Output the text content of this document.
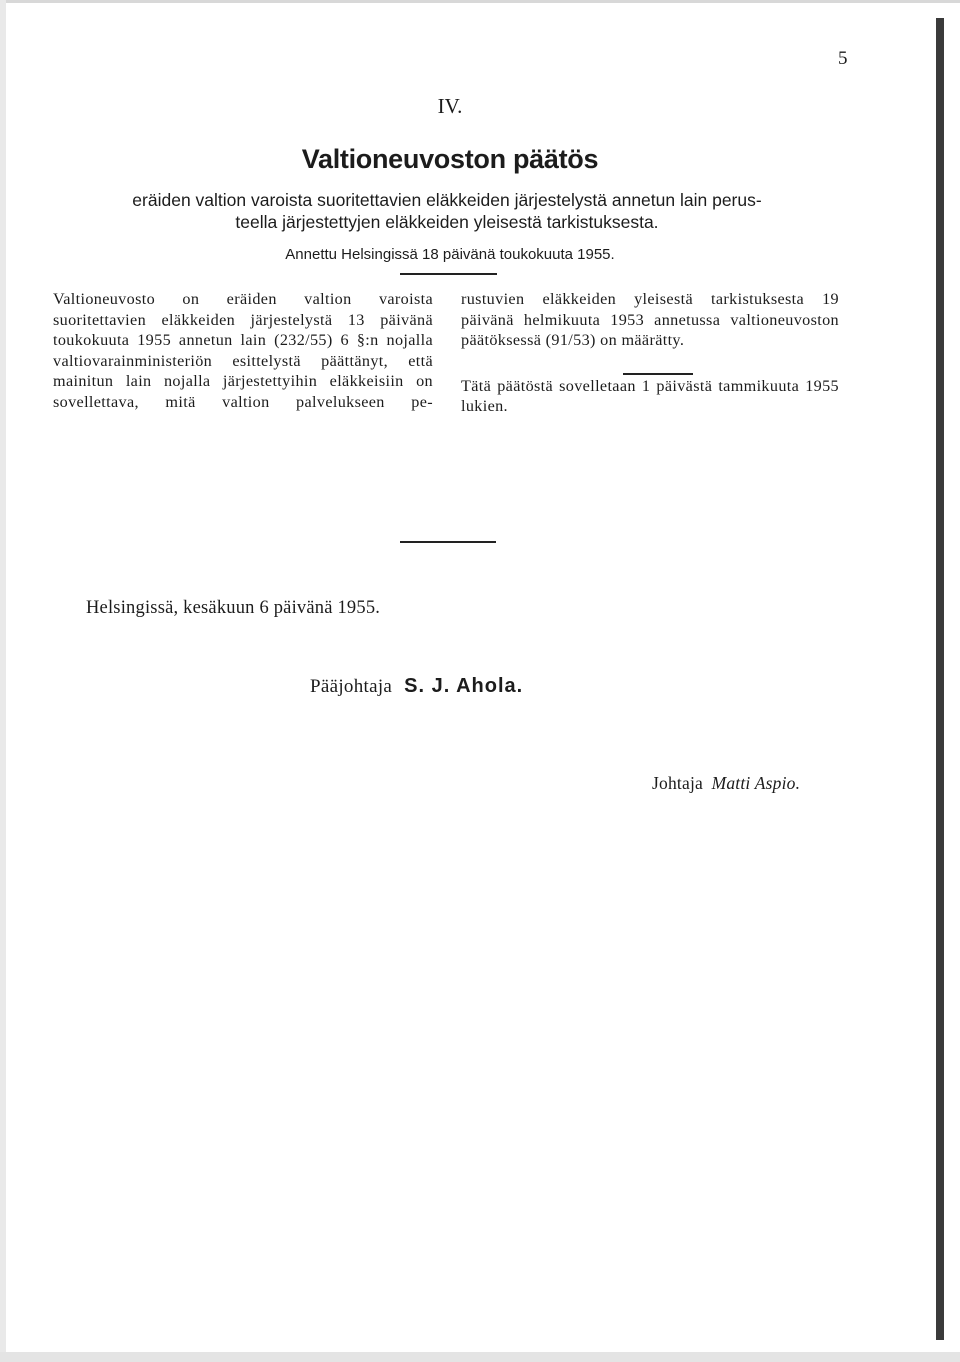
5
IV.
Valtioneuvoston päätös
eräiden valtion varoista suoritettavien eläkkeiden järjestelystä annetun lain perus-
teella järjestettyjen eläkkeiden yleisestä tarkistuksesta.
Annettu Helsingissä 18 päivänä toukokuuta 1955.

Valtioneuvosto on eräiden valtion varoista suoritettavien eläkkeiden järjestelystä 13 päivänä toukokuuta 1955 annetun lain (232/55) 6 §:n nojalla valtiovarainministeriön esittelystä päättänyt, että mainitun lain nojalla järjestettyihin eläkkeisiin on sovellettava, mitä valtion palvelukseen pe-

rustuvien eläkkeiden yleisestä tarkistuksesta 19 päivänä helmikuuta 1953 annetussa valtioneuvoston päätöksessä (91/53) on määrätty.

Tätä päätöstä sovelletaan 1 päivästä tammikuuta 1955 lukien.

Helsingissä, kesäkuun 6 päivänä 1955.
Pääjohtaja S. J. Ahola.
Johtaja Matti Aspio.
